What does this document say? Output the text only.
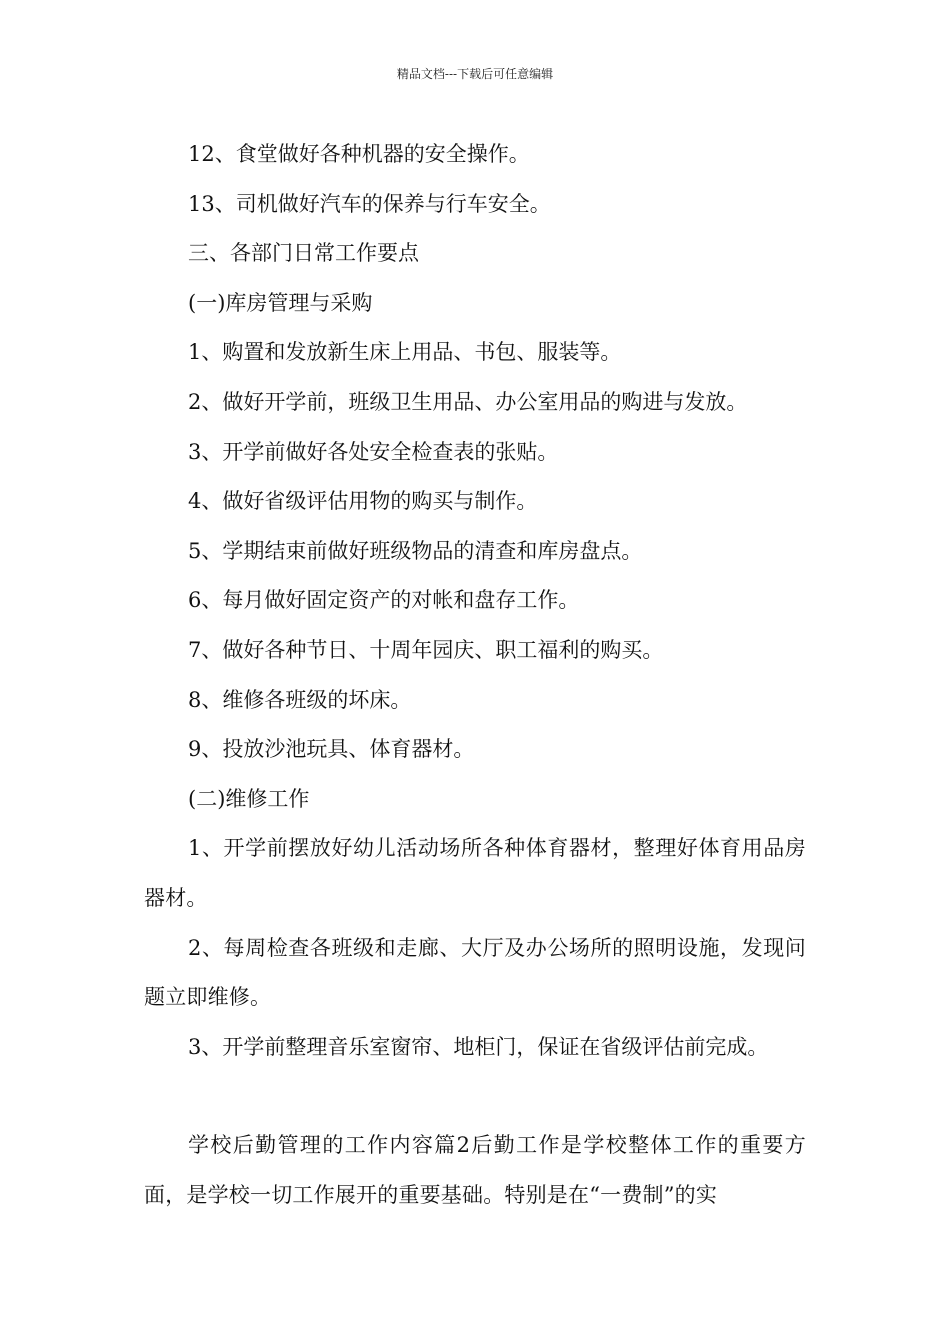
精品文档---下载后可任意编辑

12、食堂做好各种机器的安全操作。

13、司机做好汽车的保养与行车安全。

三、各部门日常工作要点

(一)库房管理与采购

1、购置和发放新生床上用品、书包、服装等。

2、做好开学前，班级卫生用品、办公室用品的购进与发放。

3、开学前做好各处安全检查表的张贴。

4、做好省级评估用物的购买与制作。

5、学期结束前做好班级物品的清查和库房盘点。

6、每月做好固定资产的对帐和盘存工作。

7、做好各种节日、十周年园庆、职工福利的购买。

8、维修各班级的坏床。

9、投放沙池玩具、体育器材。

(二)维修工作

1、开学前摆放好幼儿活动场所各种体育器材，整理好体育用品房器材。

2、每周检查各班级和走廊、大厅及办公场所的照明设施，发现问题立即维修。

3、开学前整理音乐室窗帘、地柜门，保证在省级评估前完成。

学校后勤管理的工作内容篇2后勤工作是学校整体工作的重要方面，是学校一切工作展开的重要基础。特别是在“一费制”的实
